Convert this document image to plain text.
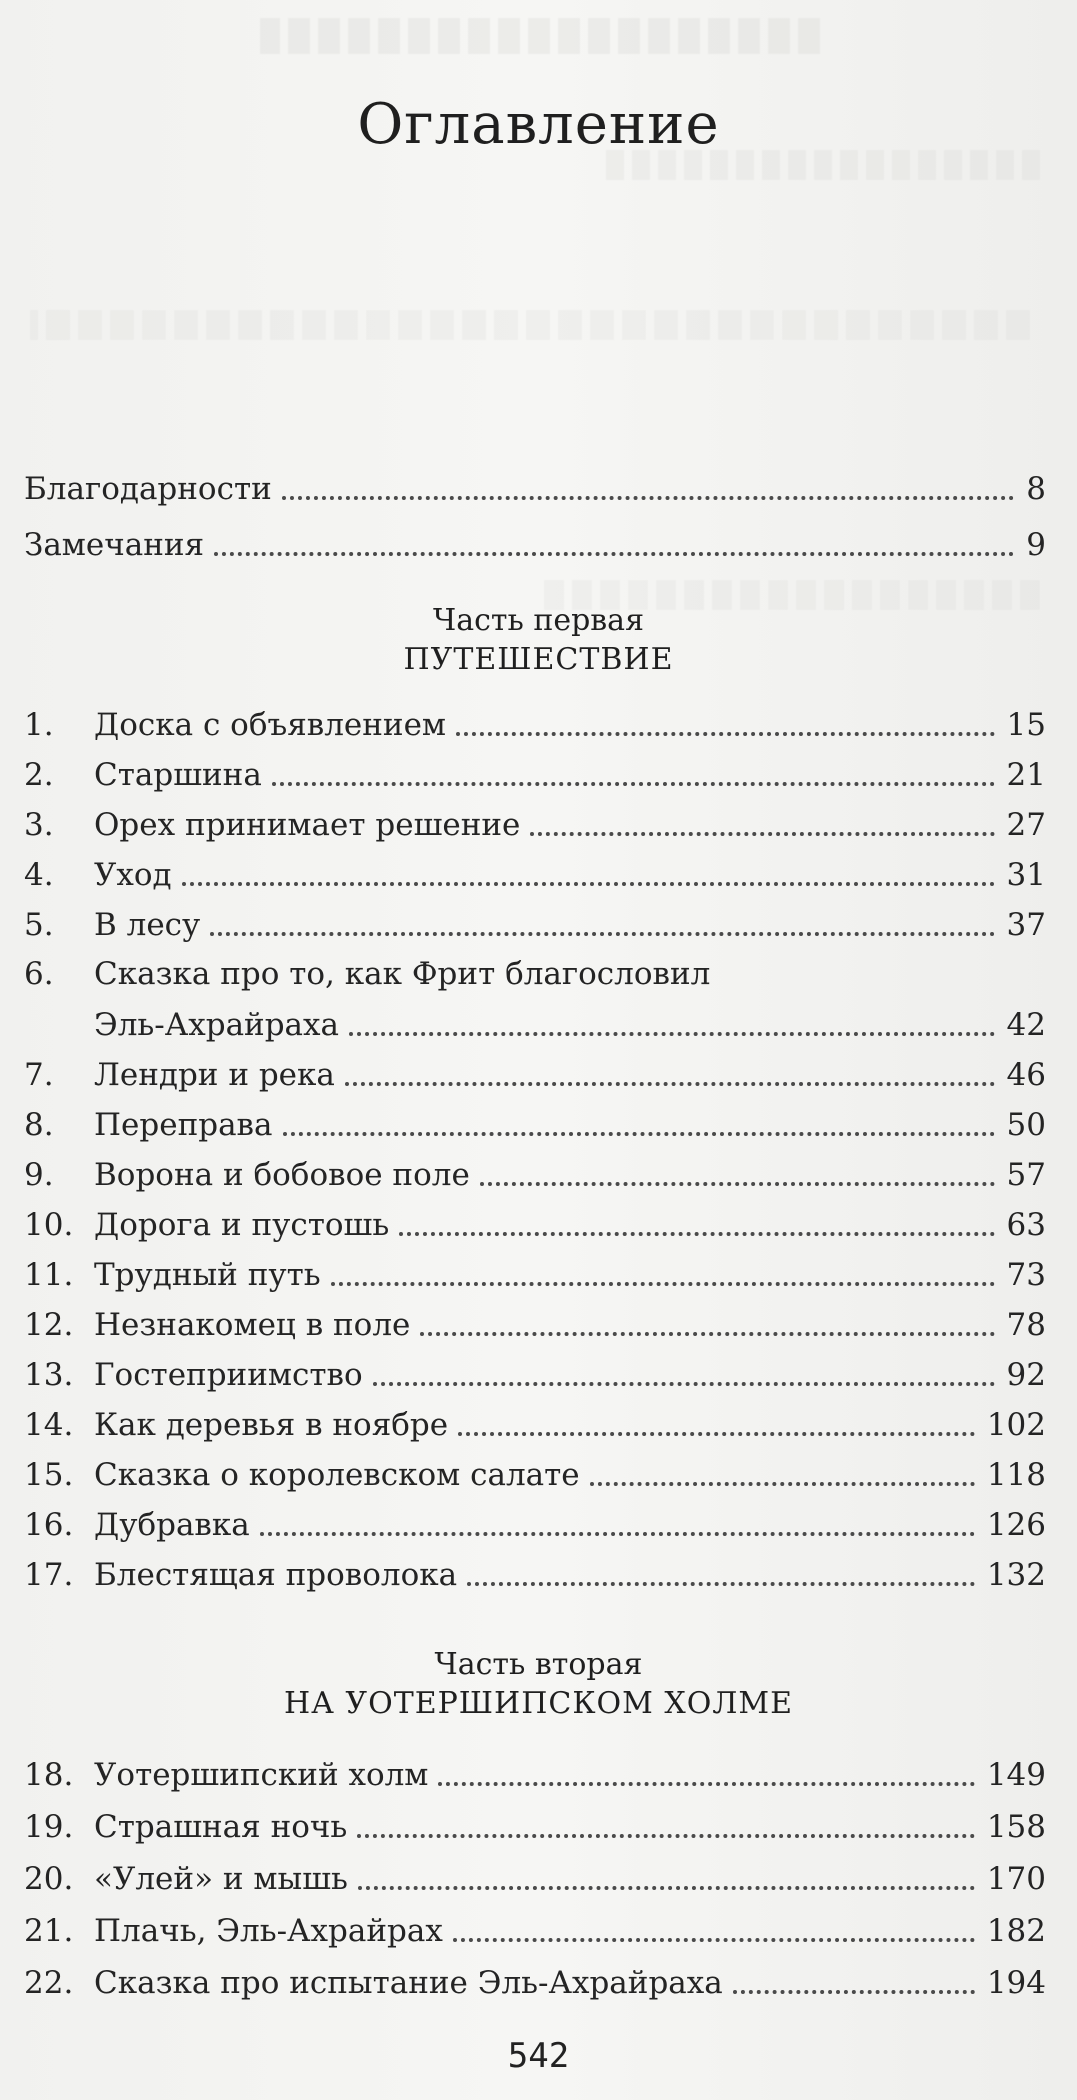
Оглавление
Благодарности	8
Замечания	9
1.	Доска с объявлением	15
2.	Старшина	21
3.	Орех принимает решение	27
4.	Уход	31
5.	В лесу	37
6. Сказка про то, как Фрит благословил
Эль-Ахрайраха	42
7.	Лендри и река	46
8.	Переправа	50
9.	Ворона и бобовое поле	57
10. Дорога и пустошь	63
11. Трудный путь	73
12. Незнакомец в поле	78
13. Гостеприимство	92
14. Как деревья в ноябре	102
15. Сказка о королевском салате	118
16. Дубравка	126
17. Блестящая проволока	132
18. Уотершипский холм	149
19. Страшная ночь	158
20. «Улей» и мышь	170
21. Плачь, Эль-Ахрайрах	182
22. Сказка про испытание Эль-Ахрайраха	194
Часть первая
ПУТЕШЕСТВИЕ
Часть вторая
НА УОТЕРШИПСКОМ ХОЛМЕ
542
